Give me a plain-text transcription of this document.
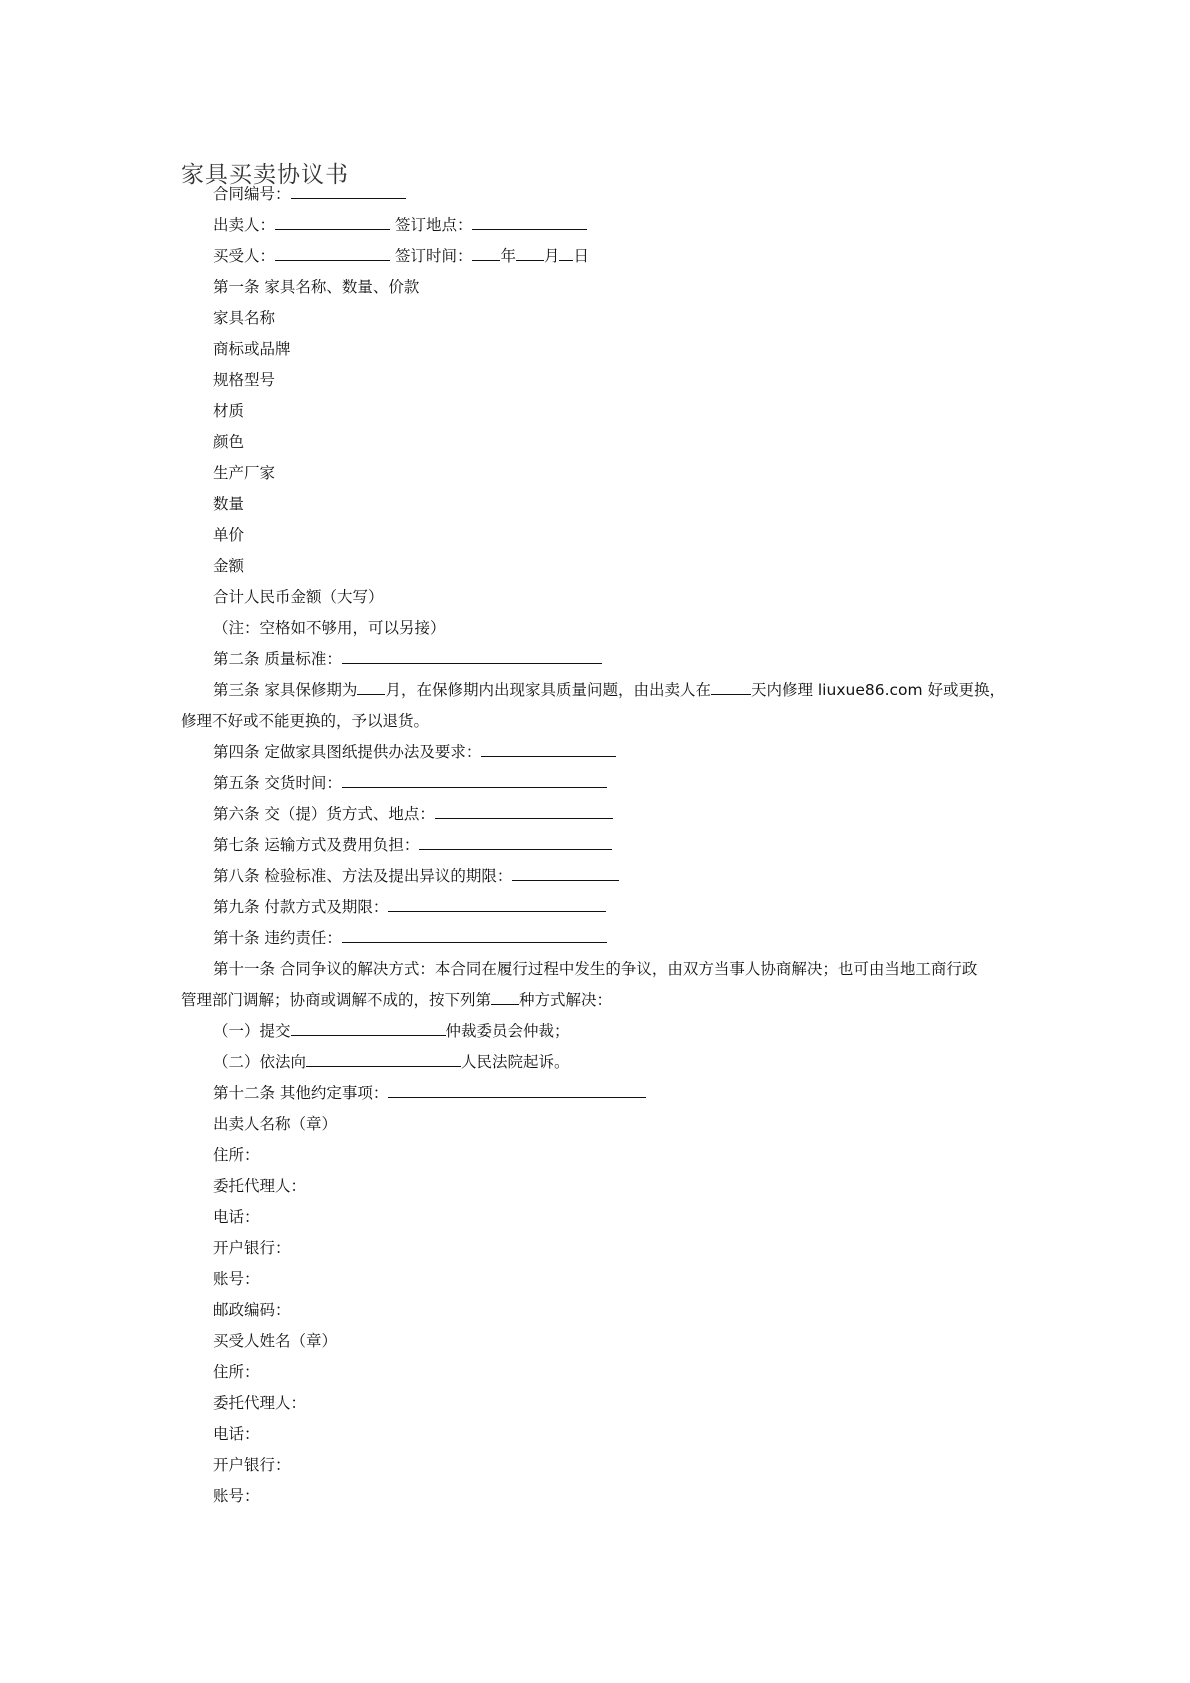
家具买卖协议书
合同编号：
出卖人：	签订地点：
买受人：	签订时间： 年 月 日
第一条 家具名称、数量、价款
家具名称
商标或品牌
规格型号
材质
颜色
生产厂家
数量
单价
金额
合计人民币金额（大写）
（注：空格如不够用，可以另接）
第二条 质量标准：
第三条 家具保修期为 月，在保修期内出现家具质量问题，由出卖人在	天内修理 liuxue86.com 好或更换，
修理不好或不能更换的，予以退货。
第四条 定做家具图纸提供办法及要求：
第五条 交货时间：
第六条 交（提）货方式、地点：
第七条 运输方式及费用负担：
第八条 检验标准、方法及提出异议的期限：
第九条 付款方式及期限：
第十条 违约责任：
第十一条 合同争议的解决方式：本合同在履行过程中发生的争议，由双方当事人协商解决；也可由当地工商行政
管理部门调解；协商或调解不成的，按下列第 种方式解决：
（一）提交	仲裁委员会仲裁；
（二）依法向	人民法院起诉。
第十二条 其他约定事项：
出卖人名称（章）
住所：
委托代理人：
电话：
开户银行：
账号：
邮政编码：
买受人姓名（章）
住所：
委托代理人：
电话：
开户银行：
账号：
